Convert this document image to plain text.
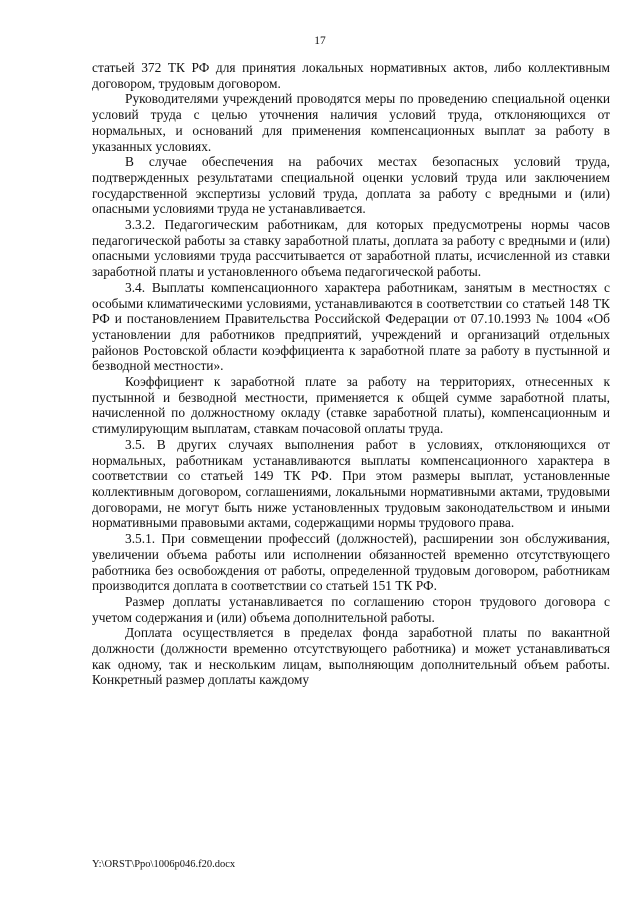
17

статьей 372 ТК РФ для принятия локальных нормативных актов, либо коллективным договором, трудовым договором.

Руководителями учреждений проводятся меры по проведению специальной оценки условий труда с целью уточнения наличия условий труда, отклоняющихся от нормальных, и оснований для применения компенсационных выплат за работу в указанных условиях.

В случае обеспечения на рабочих местах безопасных условий труда, подтвержденных результатами специальной оценки условий труда или заключением государственной экспертизы условий труда, доплата за работу с вредными и (или) опасными условиями труда не устанавливается.

3.3.2. Педагогическим работникам, для которых предусмотрены нормы часов педагогической работы за ставку заработной платы, доплата за работу с вредными и (или) опасными условиями труда рассчитывается от заработной платы, исчисленной из ставки заработной платы и установленного объема педагогической работы.

3.4. Выплаты компенсационного характера работникам, занятым в местностях с особыми климатическими условиями, устанавливаются в соответствии со статьей 148 ТК РФ и постановлением Правительства Российской Федерации от 07.10.1993 № 1004 «Об установлении для работников предприятий, учреждений и организаций отдельных районов Ростовской области коэффициента к заработной плате за работу в пустынной и безводной местности».

Коэффициент к заработной плате за работу на территориях, отнесенных к пустынной и безводной местности, применяется к общей сумме заработной платы, начисленной по должностному окладу (ставке заработной платы), компенсационным и стимулирующим выплатам, ставкам почасовой оплаты труда.

3.5. В других случаях выполнения работ в условиях, отклоняющихся от нормальных, работникам устанавливаются выплаты компенсационного характера в соответствии со статьей 149 ТК РФ. При этом размеры выплат, установленные коллективным договором, соглашениями, локальными нормативными актами, трудовыми договорами, не могут быть ниже установленных трудовым законодательством и иными нормативными правовыми актами, содержащими нормы трудового права.

3.5.1. При совмещении профессий (должностей), расширении зон обслуживания, увеличении объема работы или исполнении обязанностей временно отсутствующего работника без освобождения от работы, определенной трудовым договором, работникам производится доплата в соответствии со статьей 151 ТК РФ.

Размер доплаты устанавливается по соглашению сторон трудового договора с учетом содержания и (или) объема дополнительной работы.

Доплата осуществляется в пределах фонда заработной платы по вакантной должности (должности временно отсутствующего работника) и может устанавливаться как одному, так и нескольким лицам, выполняющим дополнительный объем работы. Конкретный размер доплаты каждому

Y:\ORST\Ppo\1006p046.f20.docx
